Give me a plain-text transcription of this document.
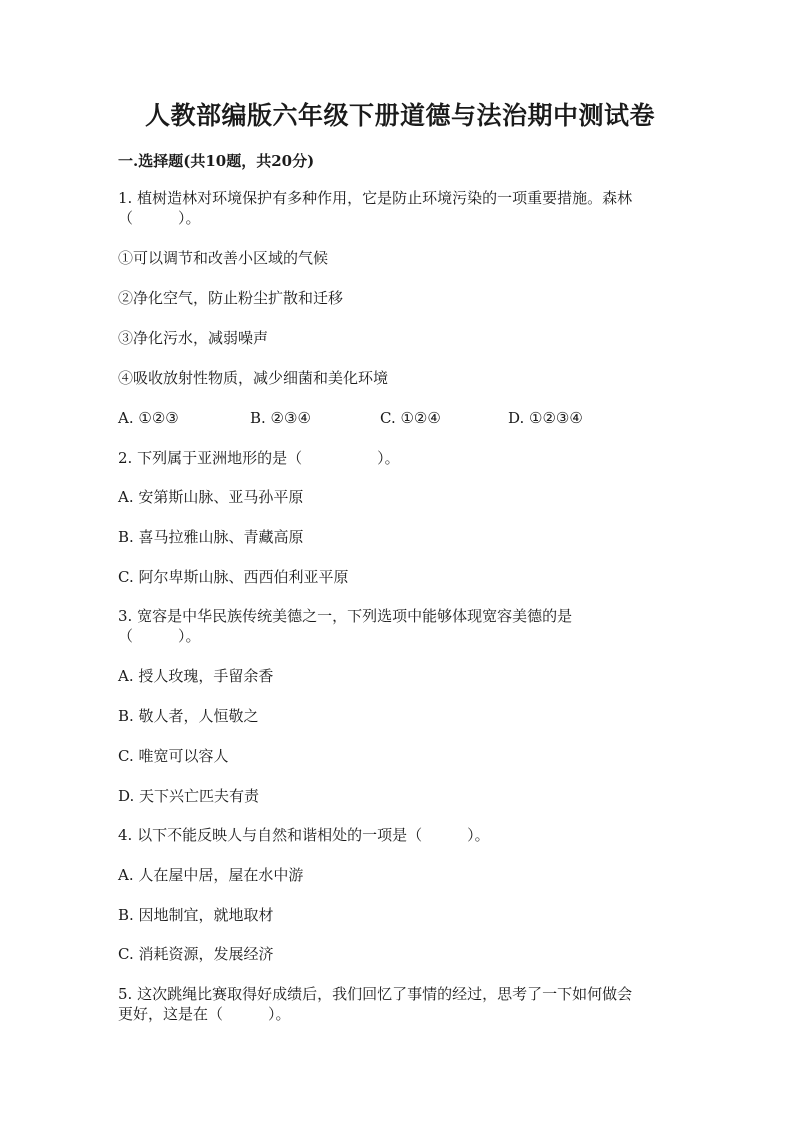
人教部编版六年级下册道德与法治期中测试卷
一.选择题(共10题，共20分)
1. 植树造林对环境保护有多种作用，它是防止环境污染的一项重要措施。森林
（　　　）。
①可以调节和改善小区域的气候
②净化空气，防止粉尘扩散和迁移
③净化污水，减弱噪声
④吸收放射性物质，减少细菌和美化环境
A. ①②③	B. ②③④	C. ①②④	D. ①②③④
2. 下列属于亚洲地形的是（　　　　　）。
A. 安第斯山脉、亚马孙平原
B. 喜马拉雅山脉、青藏高原
C. 阿尔卑斯山脉、西西伯利亚平原
3. 宽容是中华民族传统美德之一，下列选项中能够体现宽容美德的是
（　　　）。
A. 授人玫瑰，手留余香
B. 敬人者，人恒敬之
C. 唯宽可以容人
D. 天下兴亡匹夫有责
4. 以下不能反映人与自然和谐相处的一项是（　　　）。
A. 人在屋中居，屋在水中游
B. 因地制宜，就地取材
C. 消耗资源，发展经济
5. 这次跳绳比赛取得好成绩后，我们回忆了事情的经过，思考了一下如何做会
更好，这是在（　　　）。
